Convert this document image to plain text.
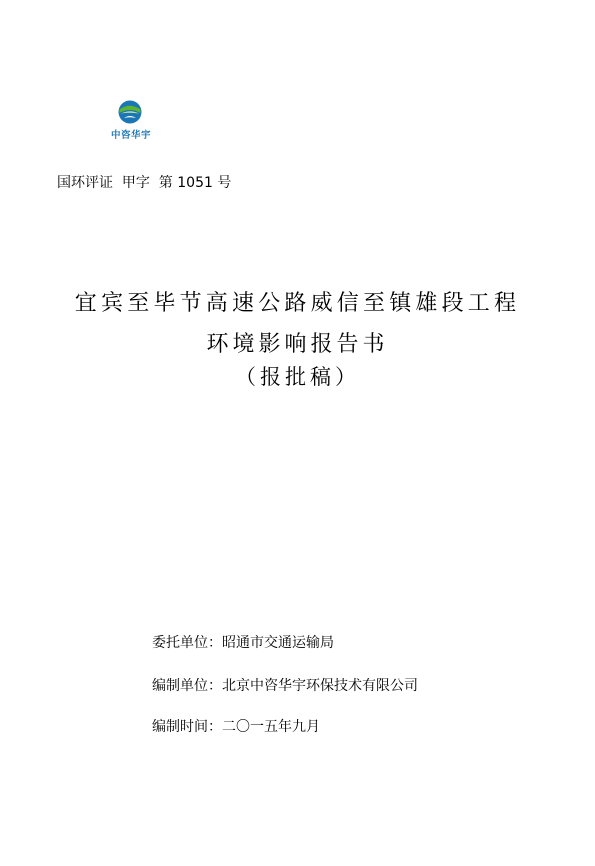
中咨华宇
国环评证  甲字  第 1051 号
宜宾至毕节高速公路威信至镇雄段工程
环境影响报告书
（报批稿）
委托单位：昭通市交通运输局
编制单位：北京中咨华宇环保技术有限公司
编制时间：二〇一五年九月
